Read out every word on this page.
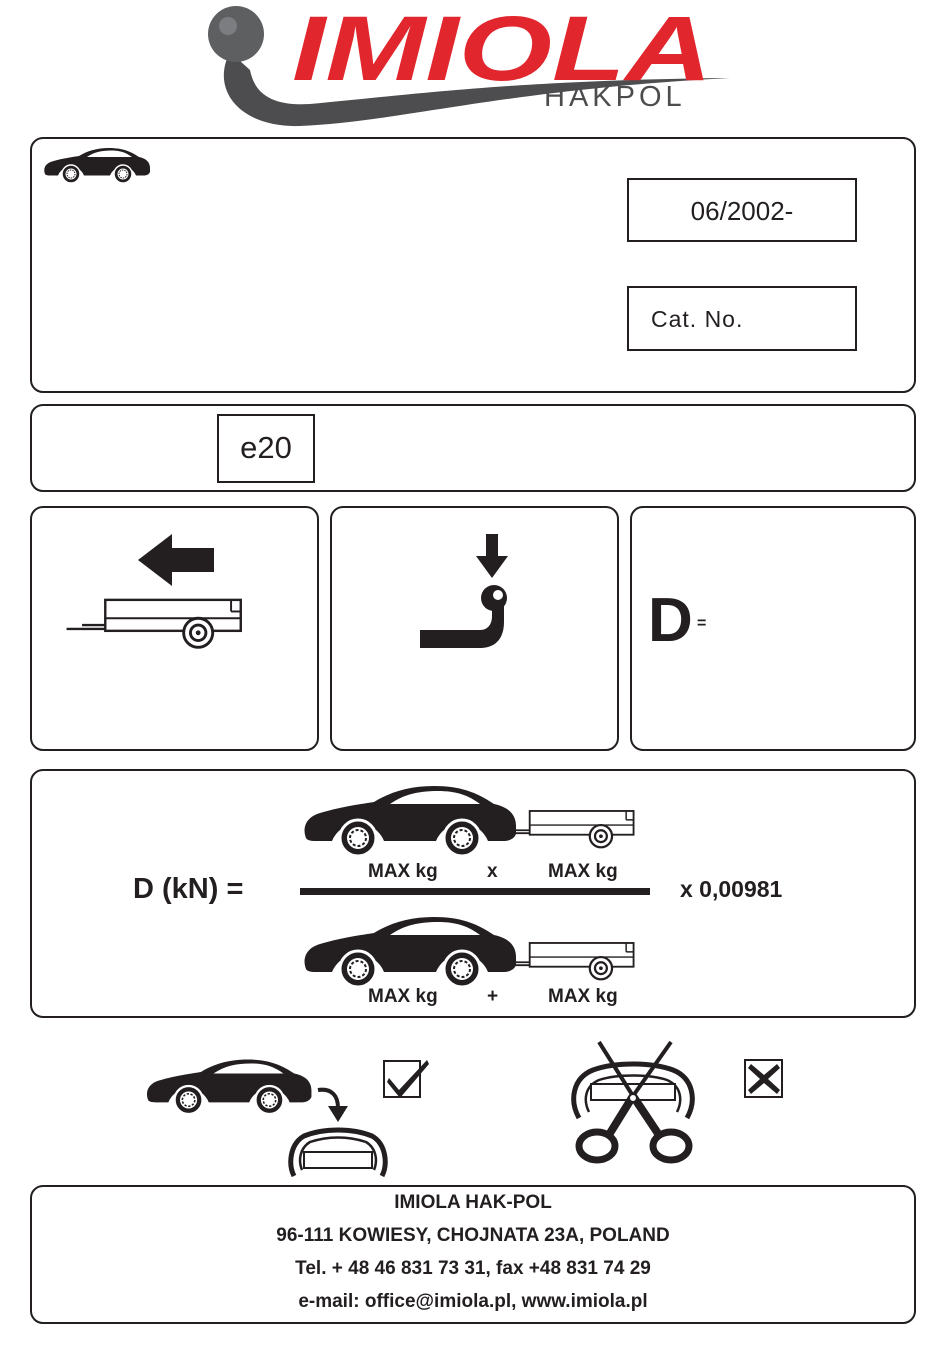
IMIOLA
HAKPOL
06/2002-
Cat. No.
e20
D =
D (kN) =
MAX kg	x	MAX kg
x 0,00981
MAX kg	+	MAX kg
IMIOLA HAK-POL
96-111 KOWIESY, CHOJNATA 23A, POLAND
Tel. + 48 46 831 73 31, fax +48 831 74 29
e-mail: office@imiola.pl, www.imiola.pl
